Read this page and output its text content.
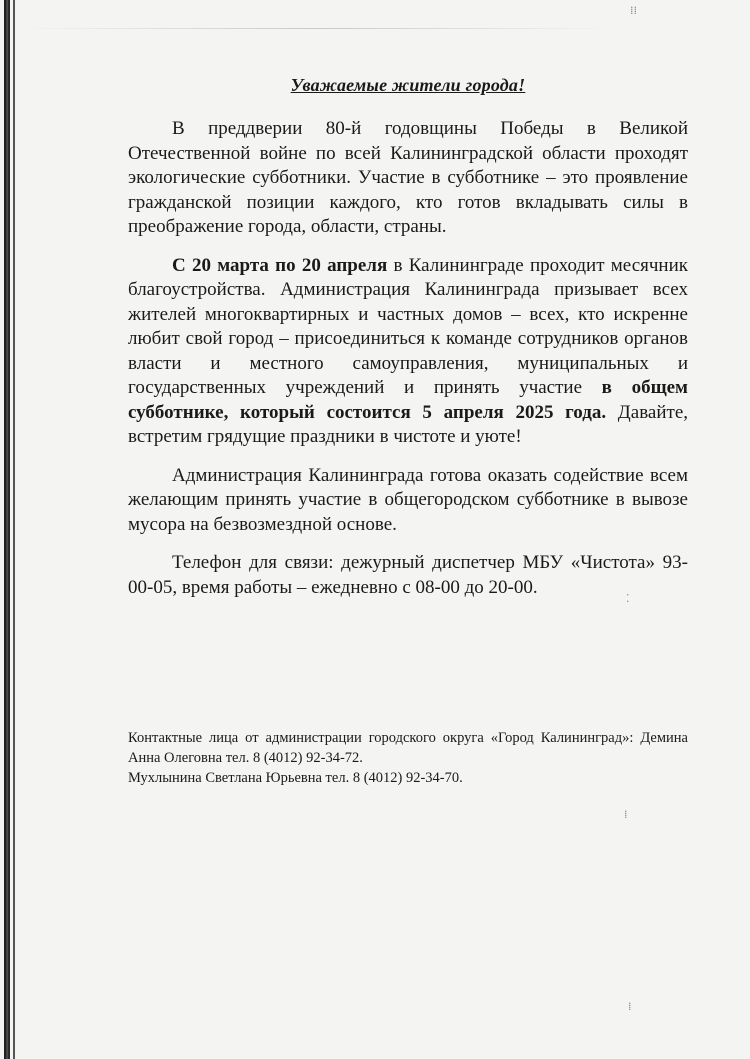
⁞⁞
⁚
⁞
⁞
Уважаемые жители города!

В преддверии 80-й годовщины Победы в Великой Отечественной войне по всей Калининградской области проходят экологические субботники. Участие в субботнике – это проявление гражданской позиции каждого, кто готов вкладывать силы в преображение города, области, страны.

С 20 марта по 20 апреля в Калининграде проходит месячник благоустройства. Администрация Калининграда призывает всех жителей многоквартирных и частных домов – всех, кто искренне любит свой город – присоединиться к команде сотрудников органов власти и местного самоуправления, муниципальных и государственных учреждений и принять участие в общем субботнике, который состоится 5 апреля 2025 года. Давайте, встретим грядущие праздники в чистоте и уюте!

Администрация Калининграда готова оказать содействие всем желающим принять участие в общегородском субботнике в вывозе мусора на безвозмездной основе.

Телефон для связи: дежурный диспетчер МБУ «Чистота» 93-00-05, время работы – ежедневно с 08-00 до 20-00.

Контактные лица от администрации городского округа «Город Калининград»: Демина Анна Олеговна тел. 8 (4012) 92-34-72.
Мухлынина Светлана Юрьевна тел. 8 (4012) 92-34-70.
